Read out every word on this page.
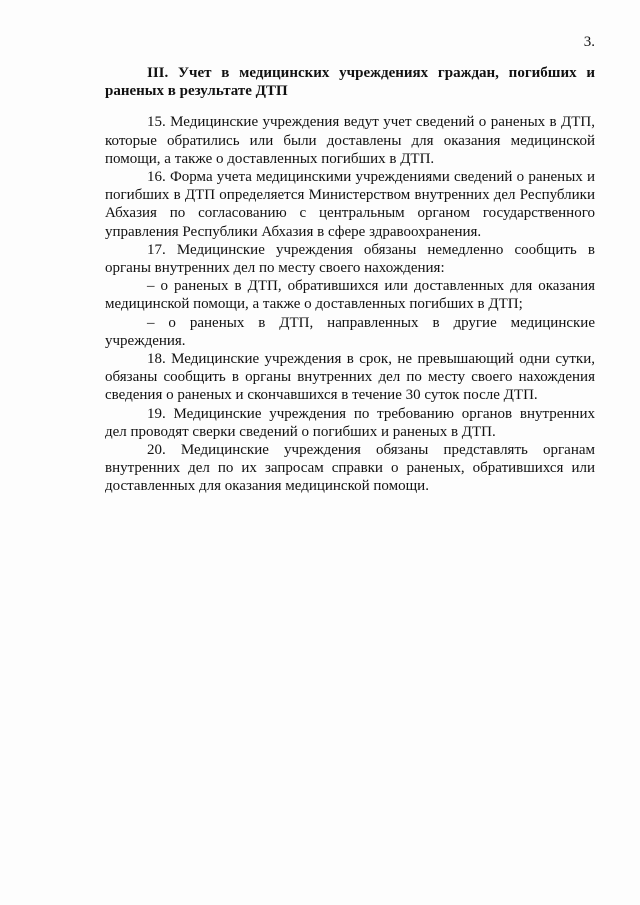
3.

III. Учет в медицинских учреждениях граждан, погибших и раненых в результате ДТП

15. Медицинские учреждения ведут учет сведений о раненых в ДТП, которые обратились или были доставлены для оказания медицинской помощи, а также о доставленных погибших в ДТП.

16. Форма учета медицинскими учреждениями сведений о раненых и погибших в ДТП определяется Министерством внутренних дел Республики Абхазия по согласованию с центральным органом государственного управления Республики Абхазия в сфере здравоохранения.

17. Медицинские учреждения обязаны немедленно сообщить в органы внутренних дел по месту своего нахождения:

– о раненых в ДТП, обратившихся или доставленных для оказания медицинской помощи, а также о доставленных погибших в ДТП;

– о раненых в ДТП, направленных в другие медицинские учреждения.

18. Медицинские учреждения в срок, не превышающий одни сутки, обязаны сообщить в органы внутренних дел по месту своего нахождения сведения о раненых и скончавшихся в течение 30 суток после ДТП.

19. Медицинские учреждения по требованию органов внутренних дел проводят сверки сведений о погибших и раненых в ДТП.

20. Медицинские учреждения обязаны представлять органам внутренних дел по их запросам справки о раненых, обратившихся или доставленных для оказания медицинской помощи.
